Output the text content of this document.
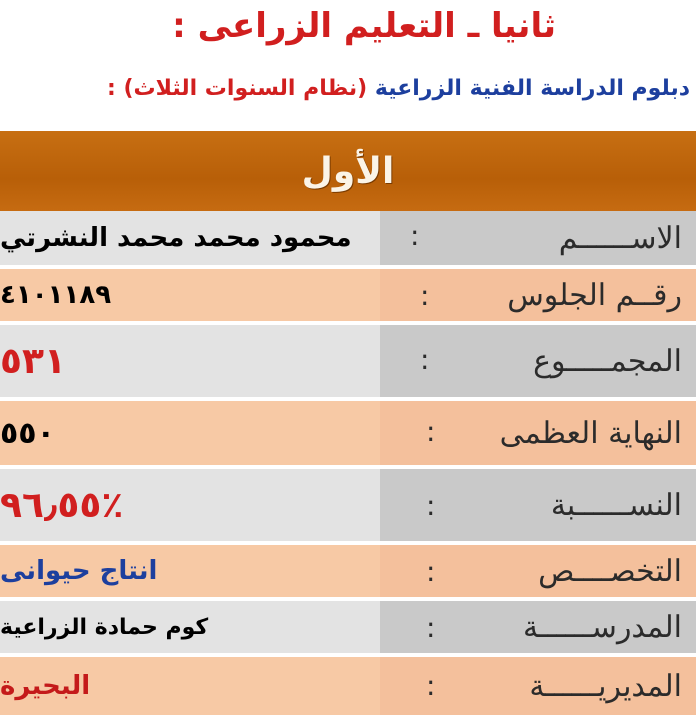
ثانيا ـ التعليم الزراعى :
دبلوم الدراسة الفنية الزراعية (نظام السنوات الثلاث) :
الأول
محمود محمد محمد النشرتي	الاســــــم
:
٤١٠١١٨٩	رقــم الجلوس
:
٥٣١	المجمـــــوع
:
٥٥٠	النهاية العظمى
:
٪٩٦٫٥٥	النســــــبة
:
انتاج حيوانى	التخصــــص
:
كوم حمادة الزراعية	المدرســــــة
:
البحيرة	المديريــــــة
:
